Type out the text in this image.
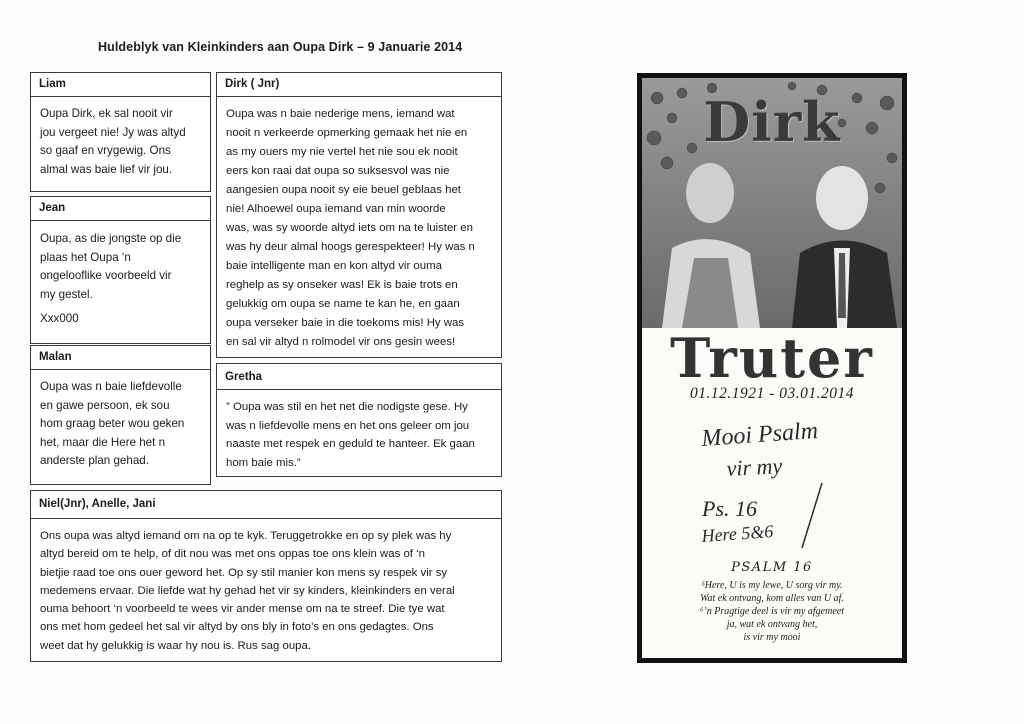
Huldeblyk van Kleinkinders aan Oupa Dirk – 9 Januarie 2014
Liam
Oupa Dirk, ek sal nooit vir
jou vergeet nie! Jy was altyd
so gaaf en vrygewig. Ons
almal was baie lief vir jou.
Jean
Oupa, as die jongste op die
plaas het Oupa ‘n
ongelooflike voorbeeld vir
my gestel.
Xxx000
Malan
Oupa was n baie liefdevolle
en gawe persoon, ek sou
hom graag beter wou geken
het, maar die Here het n
anderste plan gehad.
Dirk ( Jnr)
Oupa was n baie nederige mens, iemand wat
nooit n verkeerde opmerking gemaak het nie en
as my ouers my nie vertel het nie sou ek nooit
eers kon raai dat oupa so suksesvol was nie
aangesien oupa nooit sy eie beuel geblaas het
nie! Alhoewel oupa iemand van min woorde
was, was sy woorde altyd iets om na te luister en
was hy deur almal hoogs gerespekteer! Hy was n
baie intelligente man en kon altyd vir ouma
reghelp as sy onseker was! Ek is baie trots en
gelukkig om oupa se name te kan he, en gaan
oupa verseker baie in die toekoms mis! Hy was
en sal vir altyd n rolmodel vir ons gesin wees!
Gretha
” Oupa was stil en het net die nodigste gese. Hy
was n liefdevolle mens en het ons geleer om jou
naaste met respek en geduld te hanteer. Ek gaan
hom baie mis.”
Niel(Jnr), Anelle, Jani
Ons oupa was altyd iemand om na op te kyk. Teruggetrokke en op sy plek was hy
altyd bereid om te help, of dit nou was met ons oppas toe ons klein was of ‘n
bietjie raad toe ons ouer geword het. Op sy stil manier kon mens sy respek vir sy
medemens ervaar. Die liefde wat hy gehad het vir sy kinders, kleinkinders en veral
ouma behoort ‘n voorbeeld te wees vir ander mense om na te streef. Die tye wat
ons met hom gedeel het sal vir altyd by ons bly in foto’s en ons gedagtes. Ons
weet dat hy gelukkig is waar hy nou is. Rus sag oupa.
Dirk
Truter
01.12.1921 - 03.01.2014
Mooi Psalm
vir my
Ps. 16
Here 5&6
PSALM 16
⁵Here, U is my lewe, U sorg vir my.
Wat ek ontvang, kom alles van U af.
⁶’n Pragtige deel is vir my afgemeet
ja, wat ek ontvang het,
is vir my mooi
